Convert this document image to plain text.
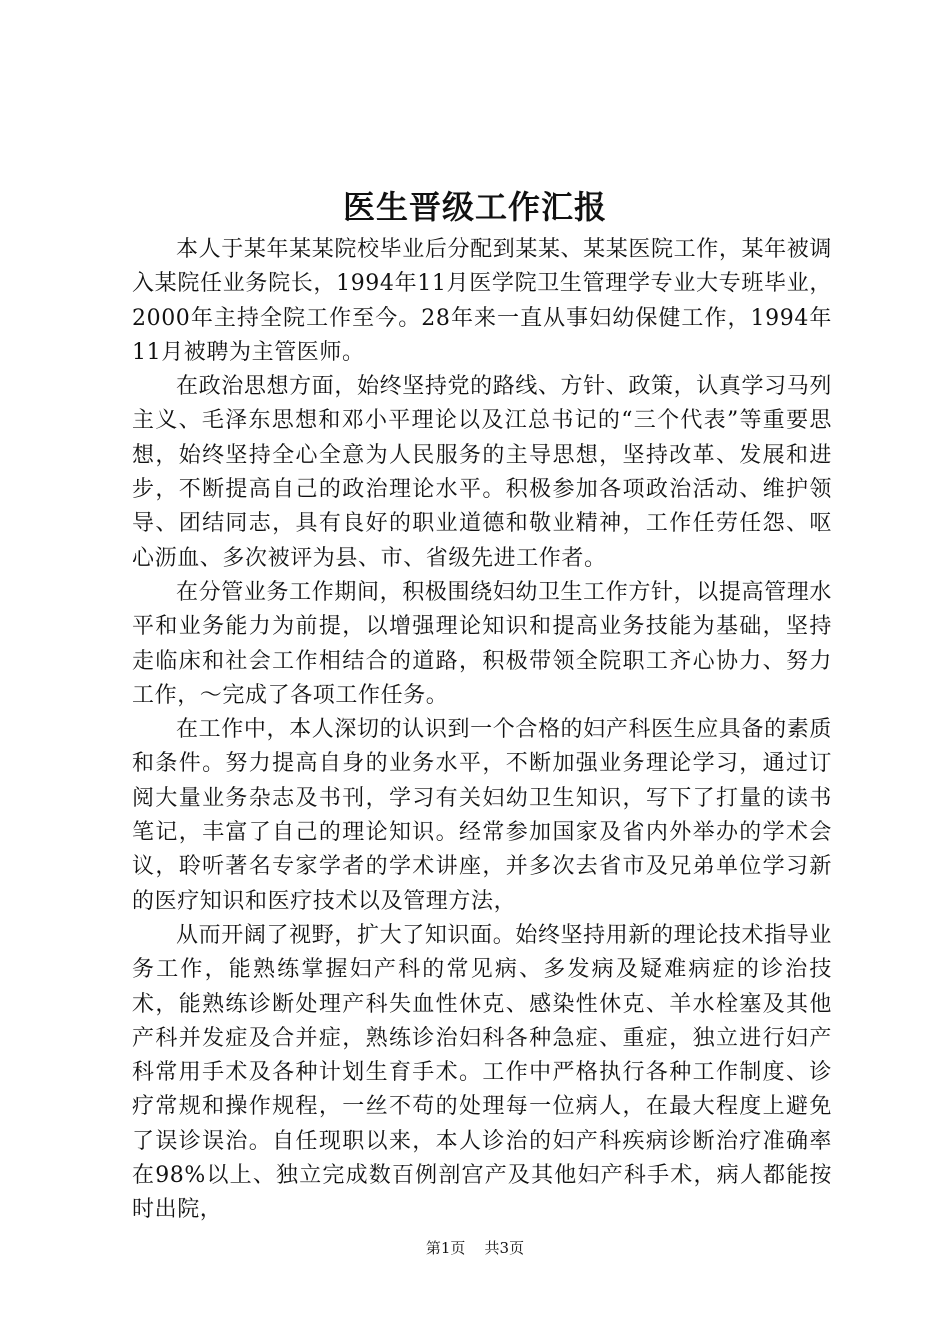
医生晋级工作汇报

本人于某年某某院校毕业后分配到某某、某某医院工作，某年被调入某院任业务院长，1994年11月医学院卫生管理学专业大专班毕业，2000年主持全院工作至今。28年来一直从事妇幼保健工作，1994年11月被聘为主管医师。

在政治思想方面，始终坚持党的路线、方针、政策，认真学习马列主义、毛泽东思想和邓小平理论以及江总书记的“三个代表”等重要思想，始终坚持全心全意为人民服务的主导思想，坚持改革、发展和进步，不断提高自己的政治理论水平。积极参加各项政治活动、维护领导、团结同志，具有良好的职业道德和敬业精神，工作任劳任怨、呕心沥血、多次被评为县、市、省级先进工作者。

在分管业务工作期间，积极围绕妇幼卫生工作方针，以提高管理水平和业务能力为前提，以增强理论知识和提高业务技能为基础，坚持走临床和社会工作相结合的道路，积极带领全院职工齐心协力、努力工作，～完成了各项工作任务。

在工作中，本人深切的认识到一个合格的妇产科医生应具备的素质和条件。努力提高自身的业务水平，不断加强业务理论学习，通过订阅大量业务杂志及书刊，学习有关妇幼卫生知识，写下了打量的读书笔记，丰富了自己的理论知识。经常参加国家及省内外举办的学术会议，聆听著名专家学者的学术讲座，并多次去省市及兄弟单位学习新的医疗知识和医疗技术以及管理方法，

从而开阔了视野，扩大了知识面。始终坚持用新的理论技术指导业务工作，能熟练掌握妇产科的常见病、多发病及疑难病症的诊治技术，能熟练诊断处理产科失血性休克、感染性休克、羊水栓塞及其他产科并发症及合并症，熟练诊治妇科各种急症、重症，独立进行妇产科常用手术及各种计划生育手术。工作中严格执行各种工作制度、诊疗常规和操作规程，一丝不苟的处理每一位病人，在最大程度上避免了误诊误治。自任现职以来，本人诊治的妇产科疾病诊断治疗准确率在98%以上、独立完成数百例剖宫产及其他妇产科手术，病人都能按时出院，

第1页 共3页
